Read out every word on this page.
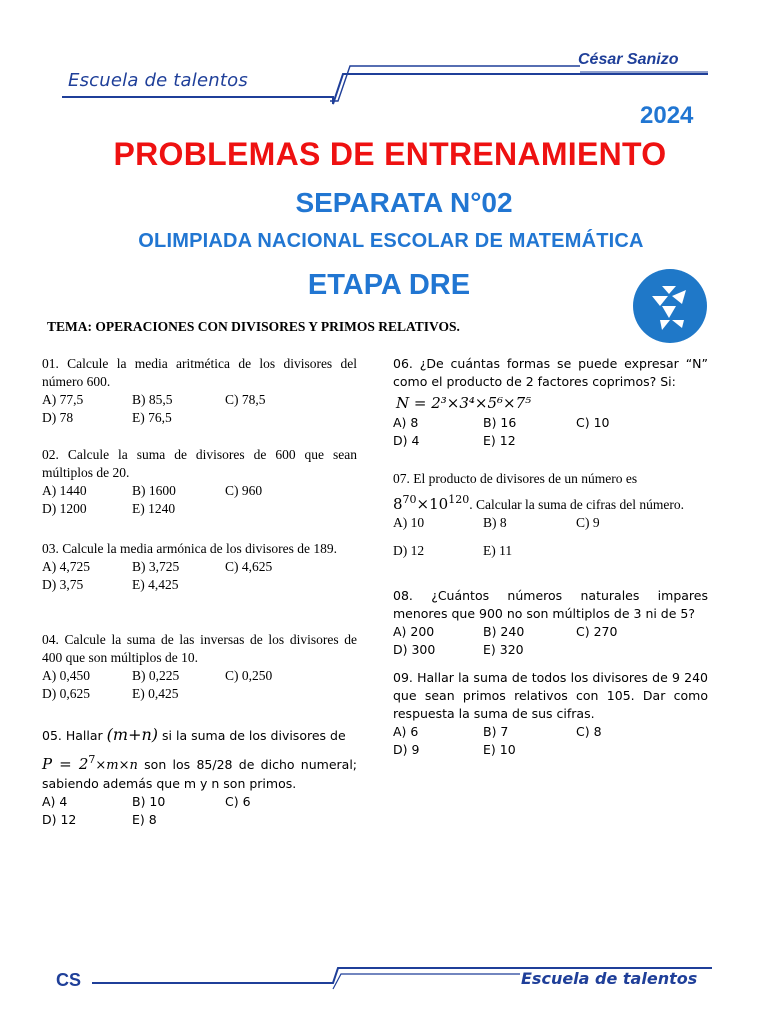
Escuela de talentos
César Sanizo
2024
PROBLEMAS DE ENTRENAMIENTO
SEPARATA N°02
OLIMPIADA NACIONAL ESCOLAR DE MATEMÁTICA
ETAPA DRE
TEMA: OPERACIONES CON DIVISORES Y PRIMOS RELATIVOS.
01. Calcule la media aritmética de los divisores del número 600.
A) 77,5	B) 85,5	C) 78,5
D) 78	E) 76,5
02. Calcule la suma de divisores de 600 que sean múltiplos de 20.
A) 1440	B) 1600	C) 960
D) 1200	E) 1240
03. Calcule la media armónica de los divisores de 189.
A) 4,725	B) 3,725	C) 4,625
D) 3,75	E) 4,425
04. Calcule la suma de las inversas de los divisores de 400 que son múltiplos de 10.
A) 0,450	B) 0,225	C) 0,250
D) 0,625	E) 0,425
05. Hallar (m+n) si la suma de los divisores de
$P = 2^7\times m\times n$ son los 85/28 de dicho numeral; sabiendo además que m y n son primos.
A) 4	B) 10	C) 6
D) 12	E) 8
06. ¿De cuántas formas se puede expresar “N” como el producto de 2 factores coprimos? Si:
N = 2³×3⁴×5⁶×7⁵
A) 8	B) 16	C) 10
D) 4	E) 12
07. El producto de divisores de un número es
$8^{70}\times 10^{120}$. Calcular la suma de cifras del número.
A) 10	B) 8	C) 9
D) 12	E) 11
08. ¿Cuántos números naturales impares menores que 900 no son múltiplos de 3 ni de 5?
A) 200	B) 240	C) 270
D) 300	E) 320
09. Hallar la suma de todos los divisores de 9 240 que sean primos relativos con 105. Dar como respuesta la suma de sus cifras.
A) 6	B) 7	C) 8
D) 9	E) 10
CS	Escuela de talentos
